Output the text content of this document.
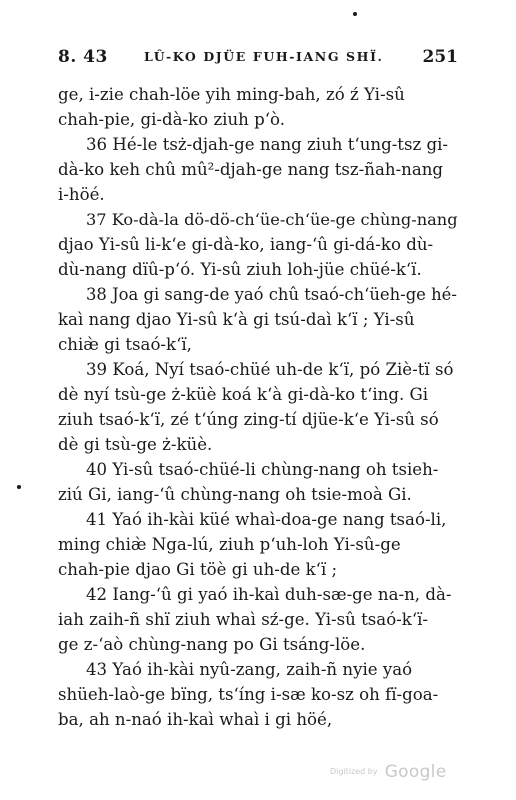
8. 43	LÛ-KO DJÜE FUH-IANG SHÏ. 251
ge, i-zie chah-löe yih ming-bah, zó ź Yi-sû
chah-pie, gi-dà-ko ziuh p‘ò.
36 Hé-le tsż-djah-ge nang ziuh t‘ung-tsz gi-
dà-ko keh chû mû²-djah-ge nang tsz-ñah-nang
i-höé.
37 Ko-dà-la dö-dö-ch‘üe-ch‘üe-ge chùng-nang
djao Yi-sû li-k‘e gi-dà-ko, iang-‘û gi-dá-ko dù-
dù-nang dïû-p‘ó. Yi-sû ziuh loh-jüe chüé-k‘ï.
38 Joa gi sang-de yaó chû tsaó-ch‘üeh-ge hé-
kaì nang djao Yi-sû k‘à gi tsú-daì k‘ï ; Yi-sû
chiæ̀ gi tsaó-k‘ï,
39 Koá, Nyí tsaó-chüé uh-de k‘ï, pó Ziè-tï só
dè nyí tsù-ge ż-küè koá k‘à gi-dà-ko t‘ing. Gi
ziuh tsaó-k‘ï, zé t‘úng zing-tí djüe-k‘e Yi-sû só
dè gi tsù-ge ż-küè.
40 Yi-sû tsaó-chüé-li chùng-nang oh tsieh-
ziú Gi, iang-‘û chùng-nang oh tsie-moà Gi.
41 Yaó ih-kài küé whaì-doa-ge nang tsaó-li,
ming chiæ̀ Nga-lú, ziuh p‘uh-loh Yi-sû-ge
chah-pie djao Gi töè gi uh-de k‘ï ;
42 Iang-‘û gi yaó ih-kaì duh-sæ-ge na-n, dà-
iah zaih-ñ shï ziuh whaì sź-ge. Yi-sû tsaó-k‘ï-
ge z-‘aò chùng-nang po Gi tsáng-löe.
43 Yaó ih-kài nyû-zang, zaih-ñ nyie yaó
shüeh-laò-ge bïng, ts‘íng i-sæ ko-sz oh fï-goa-
ba, ah n-naó ih-kaì whaì i gi höé,
Digitized by Google
